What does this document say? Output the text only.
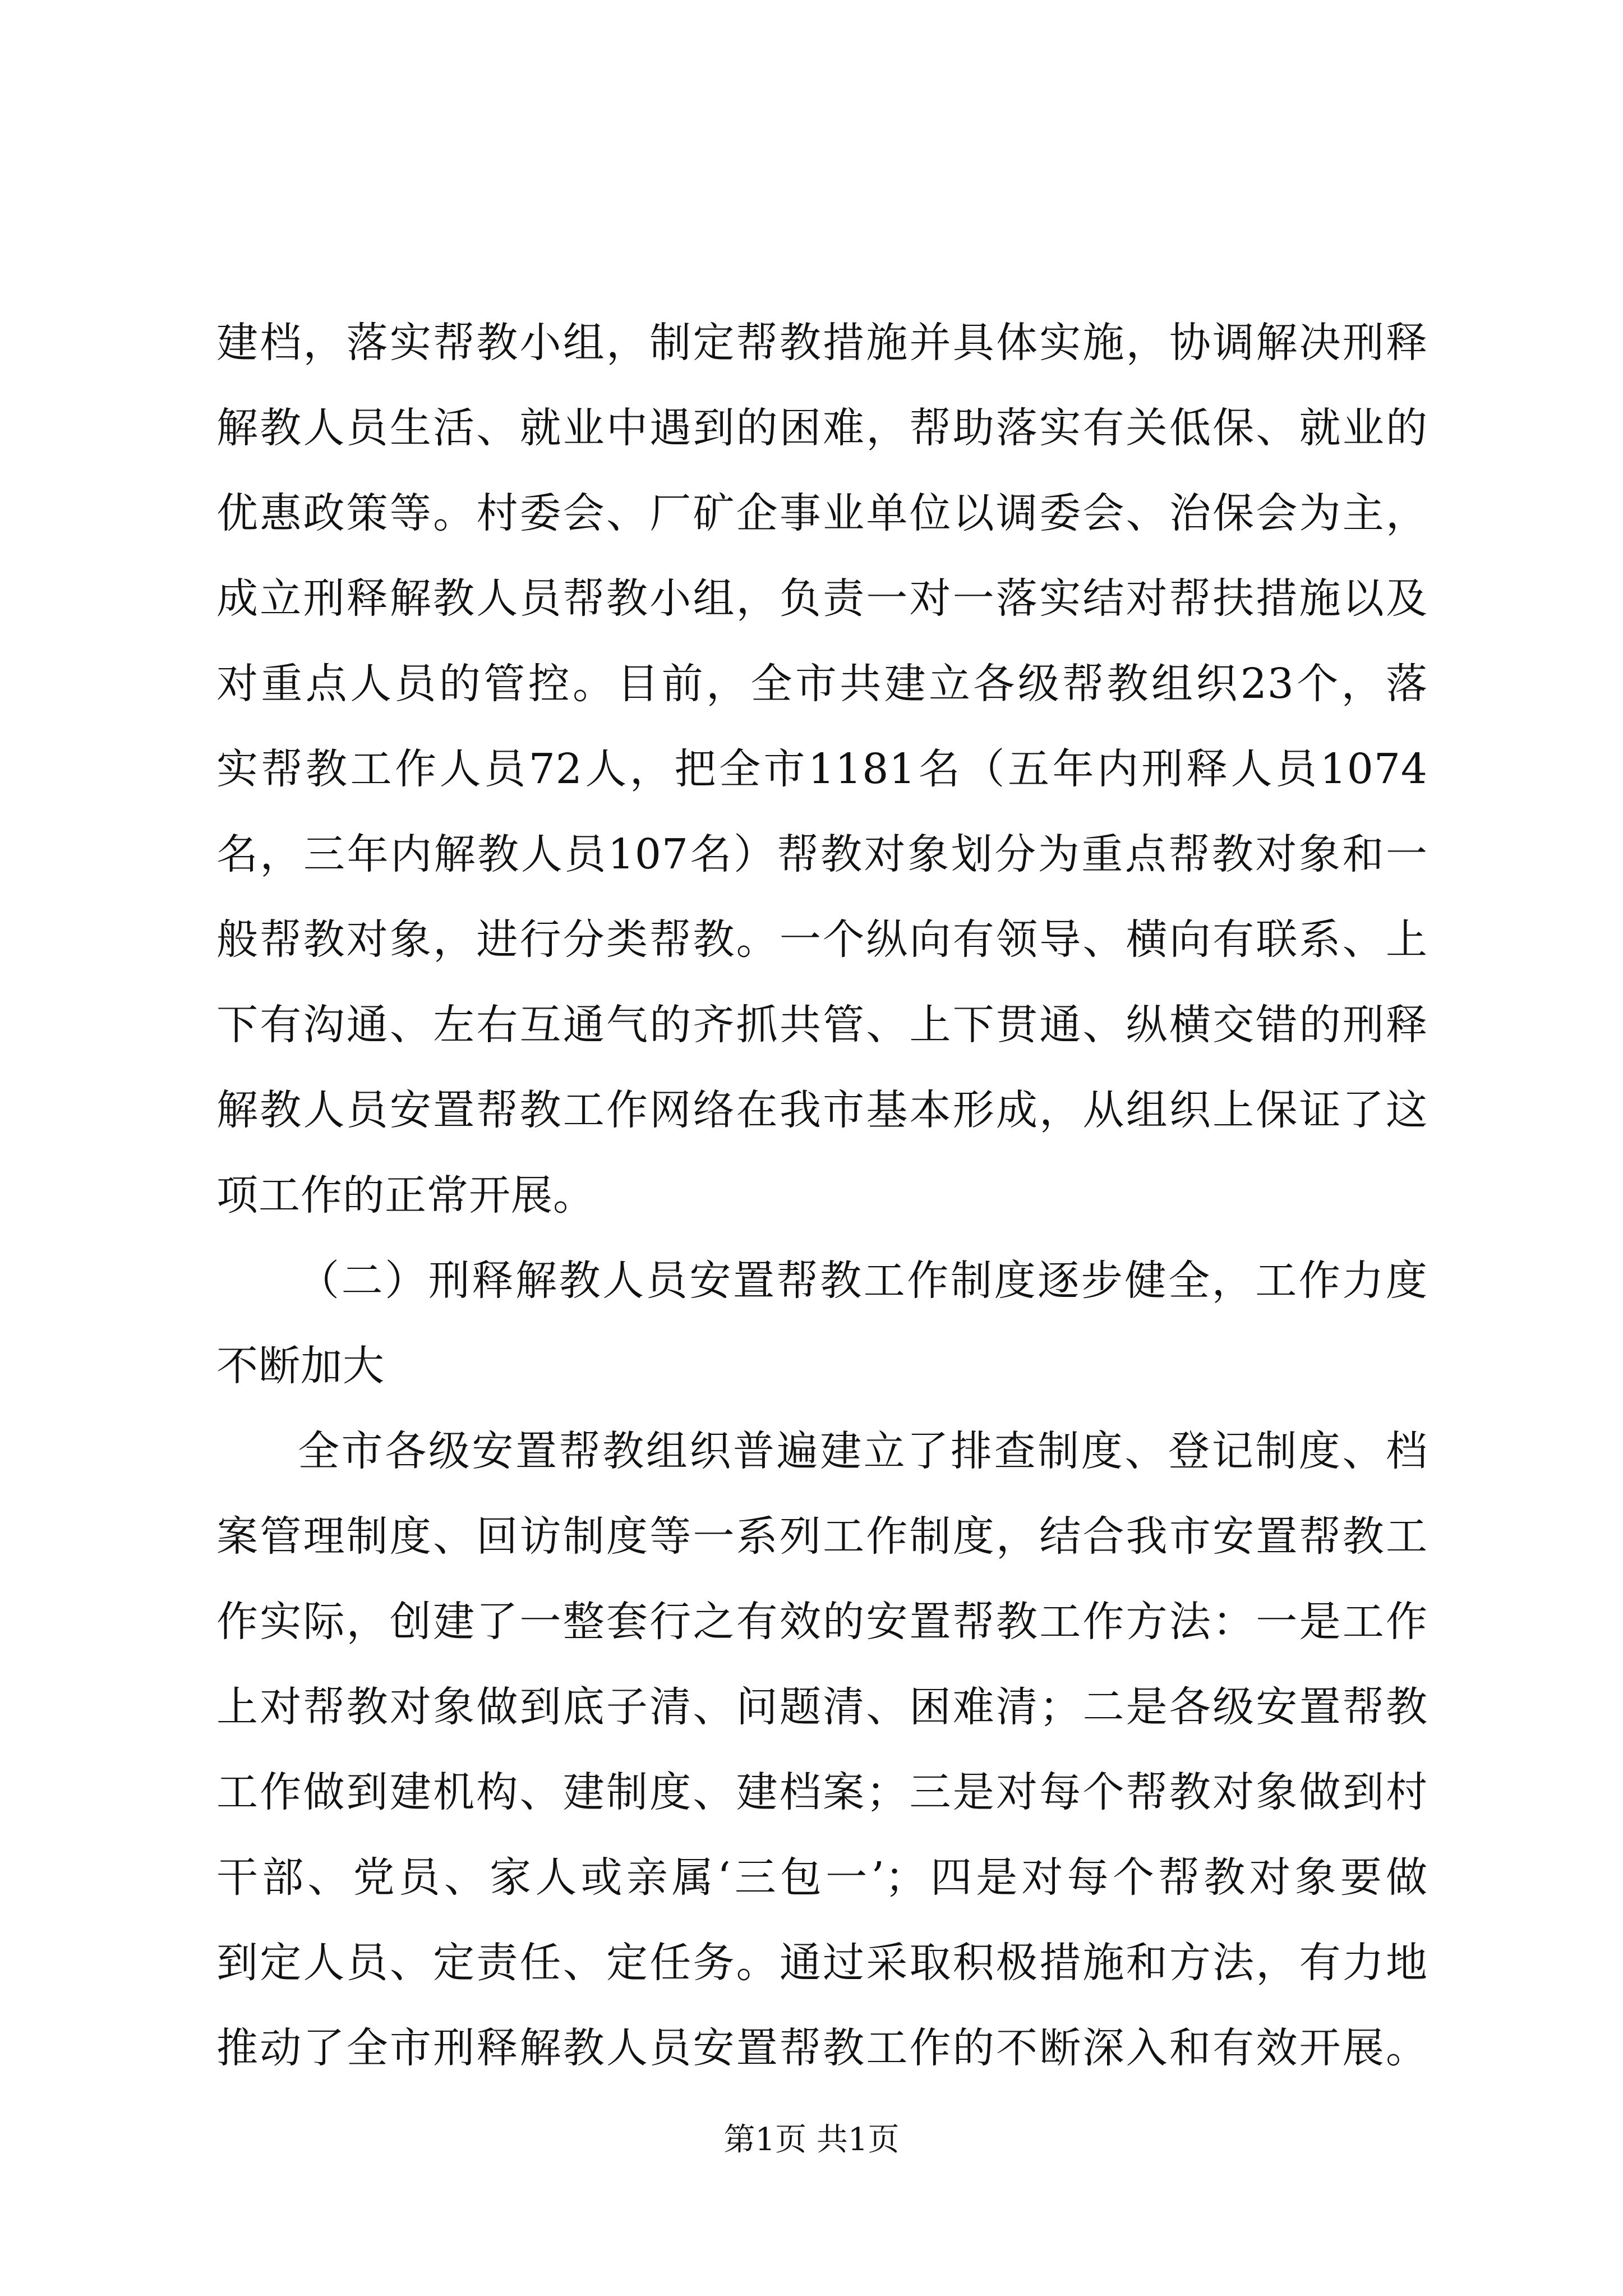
建档，落实帮教小组，制定帮教措施并具体实施，协调解决刑释
解教人员生活、就业中遇到的困难，帮助落实有关低保、就业的
优惠政策等。村委会、厂矿企事业单位以调委会、治保会为主，
成立刑释解教人员帮教小组，负责一对一落实结对帮扶措施以及
对重点人员的管控。目前，全市共建立各级帮教组织23个，落
实帮教工作人员72人，把全市1181名（五年内刑释人员1074
名，三年内解教人员107名）帮教对象划分为重点帮教对象和一
般帮教对象，进行分类帮教。一个纵向有领导、横向有联系、上
下有沟通、左右互通气的齐抓共管、上下贯通、纵横交错的刑释
解教人员安置帮教工作网络在我市基本形成，从组织上保证了这
项工作的正常开展。
（二）刑释解教人员安置帮教工作制度逐步健全，工作力度
不断加大
全市各级安置帮教组织普遍建立了排查制度、登记制度、档
案管理制度、回访制度等一系列工作制度，结合我市安置帮教工
作实际，创建了一整套行之有效的安置帮教工作方法：一是工作
上对帮教对象做到底子清、问题清、困难清；二是各级安置帮教
工作做到建机构、建制度、建档案；三是对每个帮教对象做到村
干部、党员、家人或亲属‘三包一’；四是对每个帮教对象要做
到定人员、定责任、定任务。通过采取积极措施和方法，有力地
推动了全市刑释解教人员安置帮教工作的不断深入和有效开展。
第1页 共1页
